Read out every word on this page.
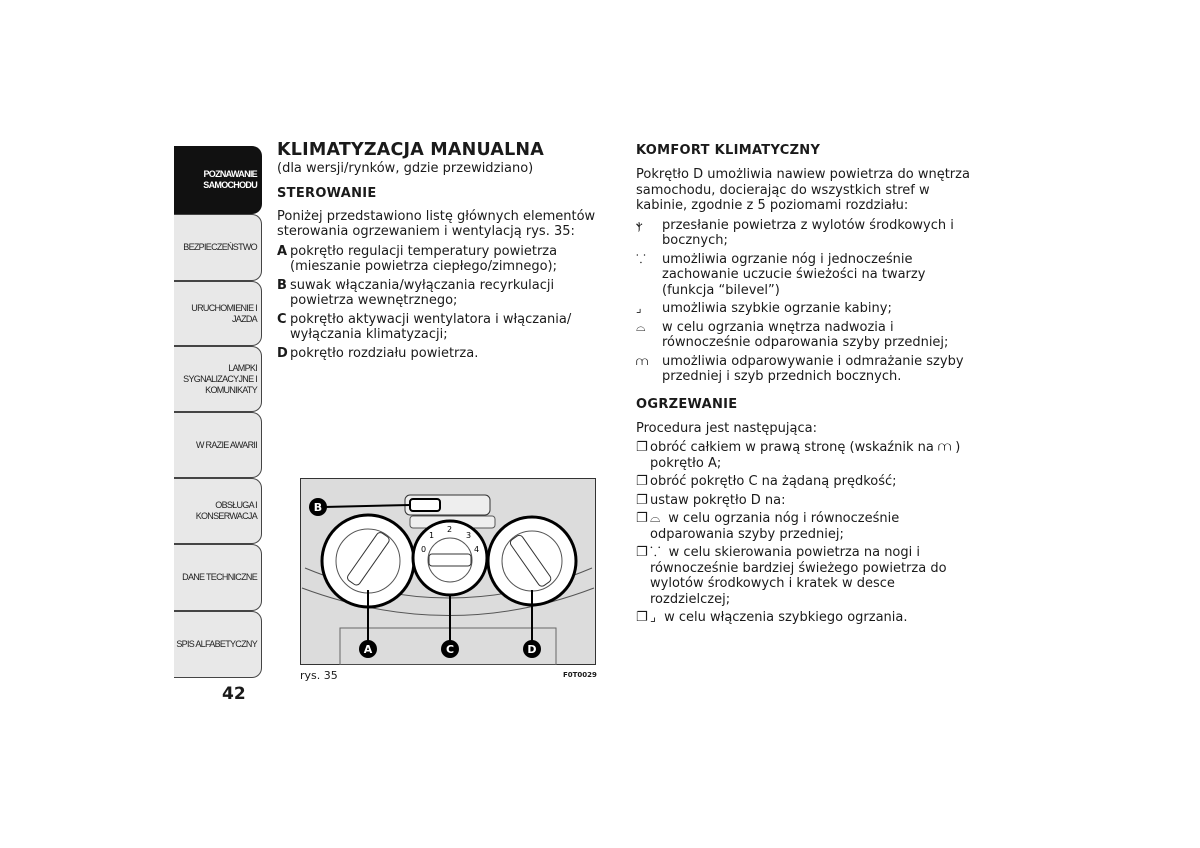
POZNAWANIE
SAMOCHODU
BEZPIECZEŃSTWO
URUCHOMIENIE I
JAZDA
LAMPKI
SYGNALIZACYJNE I
KOMUNIKATY
W RAZIE AWARII
OBSŁUGA I
KONSERWACJA
DANE TECHNICZNE
SPIS ALFABETYCZNY
42
KLIMATYZACJA MANUALNA

(dla wersji/rynków, gdzie przewidziano)

STEROWANIE

Poniżej przedstawiono listę głównych elementów sterowania ogrzewaniem i wentylacją rys. 35:

A pokrętło regulacji temperatury powietrza (mieszanie powietrza ciepłego/zimnego);
B suwak włączania/wyłączania recyrkulacji powietrza wewnętrznego;
C pokrętło aktywacji wentylatora i włączania/ wyłączania klimatyzacji;
D pokrętło rozdziału powietrza.
0
1
2
3
4
B
A	C	D
rys. 35	F0T0029
KOMFORT KLIMATYCZNY

Pokrętło D umożliwia nawiew powietrza do wnętrza samochodu, docierając do wszystkich stref w kabinie, zgodnie z 5 poziomami rozdziału:

ⲯ	przesłanie powietrza z wylotów środkowych i bocznych;
⸪	umożliwia ogrzanie nóg i jednocześnie zachowanie uczucie świeżości na twarzy (funkcja “bilevel”)
⌟	umożliwia szybkie ogrzanie kabiny;
⌓	w celu ogrzania wnętrza nadwozia i równocześnie odparowania szyby przedniej;
⩋	umożliwia odparowywanie i odmrażanie szyby przedniej i szyb przednich bocznych.
OGRZEWANIE

Procedura jest następująca:

❐ obróć całkiem w prawą stronę (wskaźnik na ⩋ ) pokrętło A;
❐ obróć pokrętło C na żądaną prędkość;
❐ ustaw pokrętło D na:
❐ ⌓ w celu ogrzania nóg i równocześnie odparowania szyby przedniej;
❐ ⸪ w celu skierowania powietrza na nogi i równocześnie bardziej świeżego powietrza do wylotów środkowych i kratek w desce rozdzielczej;
❐ ⌟ w celu włączenia szybkiego ogrzania.
